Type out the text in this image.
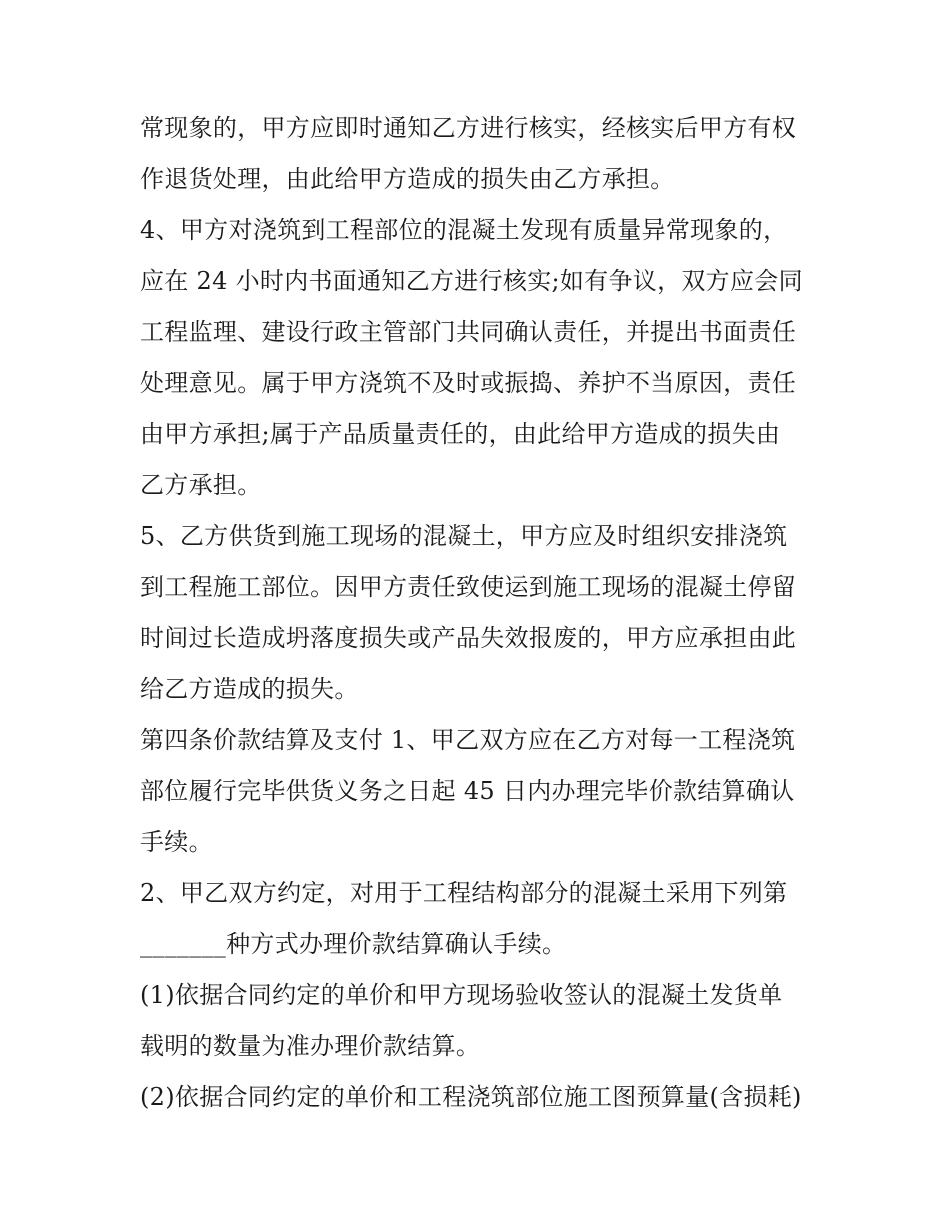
常现象的，甲方应即时通知乙方进行核实，经核实后甲方有权
作退货处理，由此给甲方造成的损失由乙方承担。
4、甲方对浇筑到工程部位的混凝土发现有质量异常现象的，
应在 24 小时内书面通知乙方进行核实;如有争议，双方应会同
工程监理、建设行政主管部门共同确认责任，并提出书面责任
处理意见。属于甲方浇筑不及时或振捣、养护不当原因，责任
由甲方承担;属于产品质量责任的，由此给甲方造成的损失由
乙方承担。
5、乙方供货到施工现场的混凝土，甲方应及时组织安排浇筑
到工程施工部位。因甲方责任致使运到施工现场的混凝土停留
时间过长造成坍落度损失或产品失效报废的，甲方应承担由此
给乙方造成的损失。
第四条价款结算及支付 1、甲乙双方应在乙方对每一工程浇筑
部位履行完毕供货义务之日起 45 日内办理完毕价款结算确认
手续。
2、甲乙双方约定，对用于工程结构部分的混凝土采用下列第
_______种方式办理价款结算确认手续。
(1)依据合同约定的单价和甲方现场验收签认的混凝土发货单
载明的数量为准办理价款结算。
(2)依据合同约定的单价和工程浇筑部位施工图预算量(含损耗)
